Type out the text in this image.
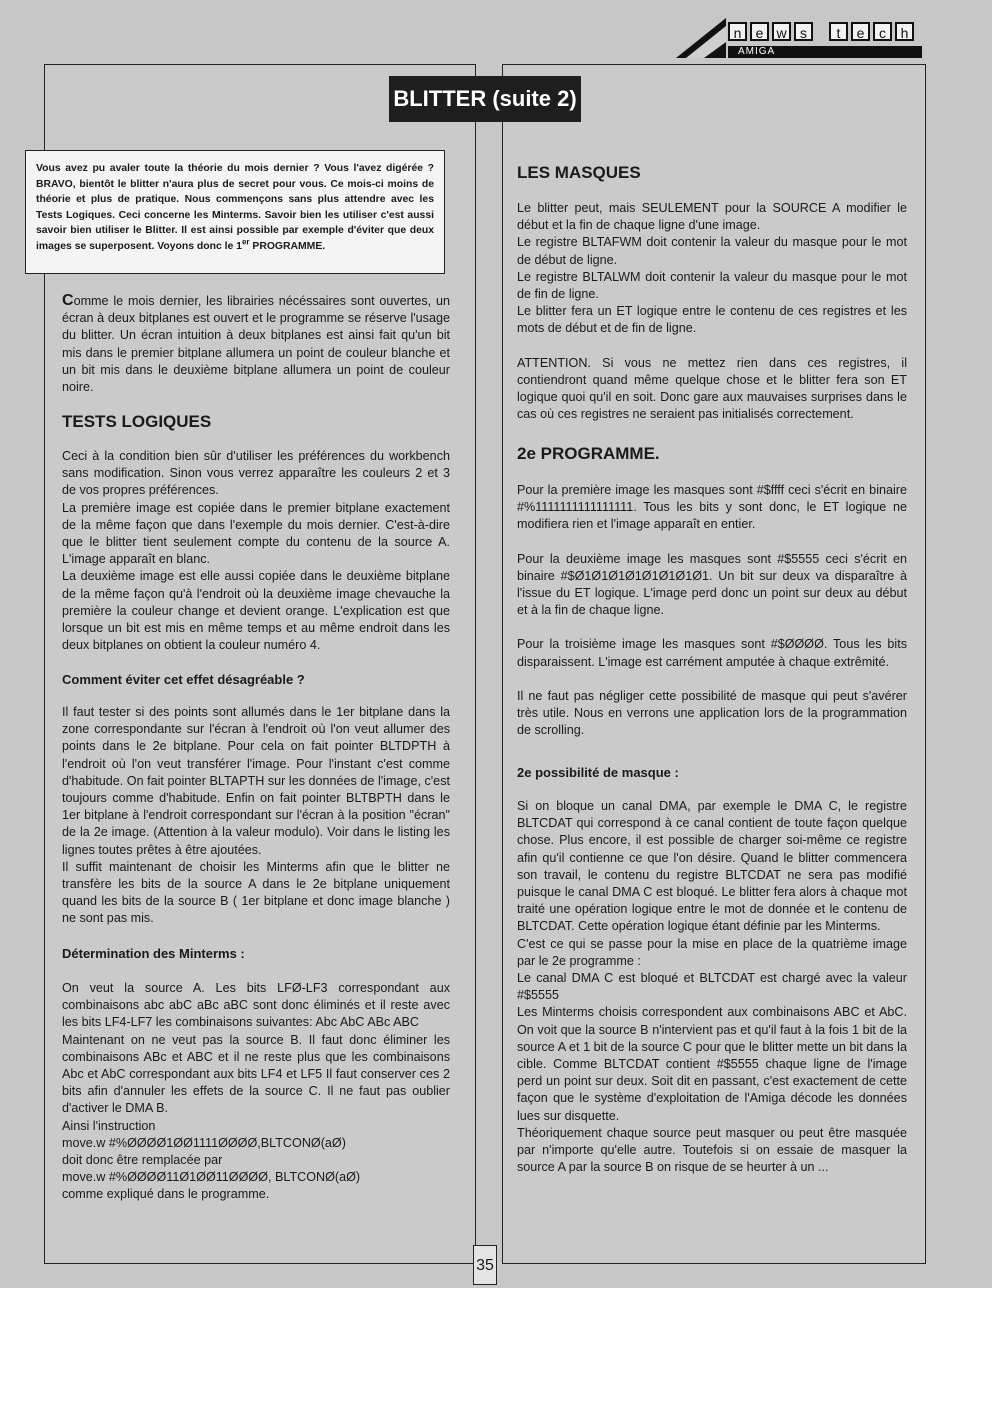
n	e w s	t	e	c	h
AMIGA
BLITTER (suite 2)
Vous avez pu avaler toute la théorie du mois dernier ? Vous l'avez digérée ? BRAVO, bientôt le blitter n'aura plus de secret pour vous. Ce mois-ci moins de théorie et plus de pratique. Nous commençons sans plus attendre avec les Tests Logiques. Ceci concerne les Minterms. Savoir bien les utiliser c'est aussi savoir bien utiliser le Blitter. Il est ainsi possible par exemple d'éviter que deux images se superposent. Voyons donc le 1er PROGRAMME.

Comme le mois dernier, les librairies nécéssaires sont ouvertes, un écran à deux bitplanes est ouvert et le programme se réserve l'usage du blitter. Un écran intuition à deux bitplanes est ainsi fait qu'un bit mis dans le premier bitplane allumera un point de couleur blanche et un bit mis dans le deuxième bitplane allumera un point de couleur noire.

TESTS LOGIQUES

Ceci à la condition bien sûr d'utiliser les préférences du workbench sans modification. Sinon vous verrez apparaître les couleurs 2 et 3 de vos propres préférences.

La première image est copiée dans le premier bitplane exactement de la même façon que dans l'exemple du mois dernier. C'est-à-dire que le blitter tient seulement compte du contenu de la source A. L'image apparaît en blanc.

La deuxième image est elle aussi copiée dans le deuxième bitplane de la même façon qu'à l'endroit où la deuxième image chevauche la première la couleur change et devient orange. L'explication est que lorsque un bit est mis en même temps et au même endroit dans les deux bitplanes on obtient la couleur numéro 4.

Comment éviter cet effet désagréable ?

Il faut tester si des points sont allumés dans le 1er bitplane dans la zone correspondante sur l'écran à l'endroit où l'on veut allumer des points dans le 2e bitplane. Pour cela on fait pointer BLTDPTH à l'endroit où l'on veut transférer l'image. Pour l'instant c'est comme d'habitude. On fait pointer BLTAPTH sur les données de l'image, c'est toujours comme d'habitude. Enfin on fait pointer BLTBPTH dans le 1er bitplane à l'endroit correspondant sur l'écran à la position "écran" de la 2e image. (Attention à la valeur modulo). Voir dans le listing les lignes toutes prêtes à être ajoutées.

Il suffit maintenant de choisir les Minterms afin que le blitter ne transfère les bits de la source A dans le 2e bitplane uniquement quand les bits de la source B ( 1er bitplane et donc image blanche ) ne sont pas mis.

Détermination des Minterms :

On veut la source A. Les bits LFØ-LF3 correspondant aux combinaisons abc abC aBc aBC sont donc éliminés et il reste avec les bits LF4-LF7 les combinaisons suivantes: Abc AbC ABc ABC

Maintenant on ne veut pas la source B. Il faut donc éliminer les combinaisons ABc et ABC et il ne reste plus que les combinaisons Abc et AbC correspondant aux bits LF4 et LF5 Il faut conserver ces 2 bits afin d'annuler les effets de la source C. Il ne faut pas oublier d'activer le DMA B.

Ainsi l'instruction

move.w #%ØØØØ1ØØ1111ØØØØ,BLTCONØ(aØ)

doit donc être remplacée par

move.w #%ØØØØ11Ø1ØØ11ØØØØ, BLTCONØ(aØ)

comme expliqué dans le programme.

LES MASQUES

Le blitter peut, mais SEULEMENT pour la SOURCE A modifier le début et la fin de chaque ligne d'une image.

Le registre BLTAFWM doit contenir la valeur du masque pour le mot de début de ligne.

Le registre BLTALWM doit contenir la valeur du masque pour le mot de fin de ligne.

Le blitter fera un ET logique entre le contenu de ces registres et les mots de début et de fin de ligne.

ATTENTION. Si vous ne mettez rien dans ces registres, il contiendront quand même quelque chose et le blitter fera son ET logique quoi qu'il en soit. Donc gare aux mauvaises surprises dans le cas où ces registres ne seraient pas initialisés correctement.

2e PROGRAMME.

Pour la première image les masques sont #$ffff ceci s'écrit en binaire #%1111111111111111. Tous les bits y sont donc, le ET logique ne modifiera rien et l'image apparaît en entier.

Pour la deuxième image les masques sont #$5555 ceci s'écrit en binaire #$Ø1Ø1Ø1Ø1Ø1Ø1Ø1Ø1. Un bit sur deux va disparaître à l'issue du ET logique. L'image perd donc un point sur deux au début et à la fin de chaque ligne.

Pour la troisième image les masques sont #$ØØØØ. Tous les bits disparaissent. L'image est carrément amputée à chaque extrêmité.

Il ne faut pas négliger cette possibilité de masque qui peut s'avérer très utile. Nous en verrons une application lors de la programmation de scrolling.

2e possibilité de masque :

Si on bloque un canal DMA, par exemple le DMA C, le registre BLTCDAT qui correspond à ce canal contient de toute façon quelque chose. Plus encore, il est possible de charger soi-même ce registre afin qu'il contienne ce que l'on désire. Quand le blitter commencera son travail, le contenu du registre BLTCDAT ne sera pas modifié puisque le canal DMA C est bloqué. Le blitter fera alors à chaque mot traité une opération logique entre le mot de donnée et le contenu de BLTCDAT. Cette opération logique étant définie par les Minterms.

C'est ce qui se passe pour la mise en place de la quatrième image par le 2e programme :

Le canal DMA C est bloqué et BLTCDAT est chargé avec la valeur #$5555

Les Minterms choisis correspondent aux combinaisons ABC et AbC. On voit que la source B n'intervient pas et qu'il faut à la fois 1 bit de la source A et 1 bit de la source C pour que le blitter mette un bit dans la cible. Comme BLTCDAT contient #$5555 chaque ligne de l'image perd un point sur deux. Soit dit en passant, c'est exactement de cette façon que le système d'exploitation de l'Amiga décode les données lues sur disquette.

Théoriquement chaque source peut masquer ou peut être masquée par n'importe qu'elle autre. Toutefois si on essaie de masquer la source A par la source B on risque de se heurter à un ...

35
